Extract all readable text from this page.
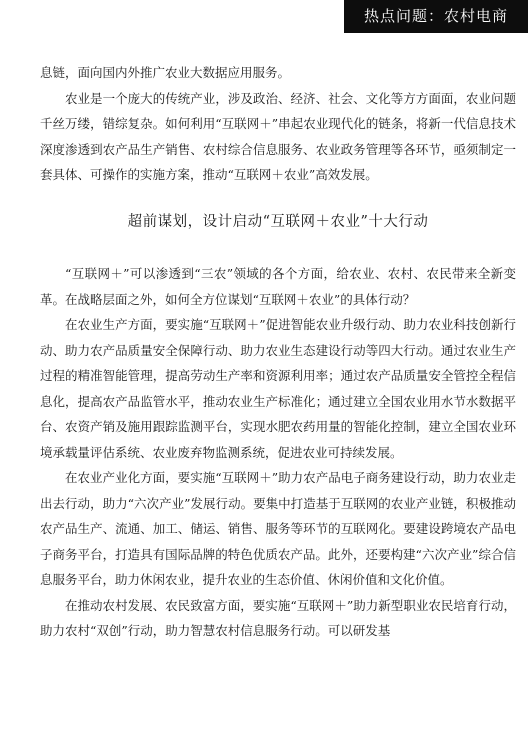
热点问题：农村电商

息链，面向国内外推广农业大数据应用服务。

农业是一个庞大的传统产业，涉及政治、经济、社会、文化等方方面面，农业问题千丝万缕，错综复杂。如何利用“互联网＋”串起农业现代化的链条，将新一代信息技术深度渗透到农产品生产销售、农村综合信息服务、农业政务管理等各环节，亟须制定一套具体、可操作的实施方案，推动“互联网＋农业”高效发展。

超前谋划，设计启动“互联网＋农业”十大行动

“互联网＋”可以渗透到“三农”领域的各个方面，给农业、农村、农民带来全新变革。在战略层面之外，如何全方位谋划“互联网＋农业”的具体行动？

在农业生产方面，要实施“互联网＋”促进智能农业升级行动、助力农业科技创新行动、助力农产品质量安全保障行动、助力农业生态建设行动等四大行动。通过农业生产过程的精准智能管理，提高劳动生产率和资源利用率；通过农产品质量安全管控全程信息化，提高农产品监管水平，推动农业生产标准化；通过建立全国农业用水节水数据平台、农资产销及施用跟踪监测平台，实现水肥农药用量的智能化控制，建立全国农业环境承载量评估系统、农业废弃物监测系统，促进农业可持续发展。

在农业产业化方面，要实施“互联网＋”助力农产品电子商务建设行动，助力农业走出去行动，助力“六次产业”发展行动。要集中打造基于互联网的农业产业链，积极推动农产品生产、流通、加工、储运、销售、服务等环节的互联网化。要建设跨境农产品电子商务平台，打造具有国际品牌的特色优质农产品。此外，还要构建“六次产业”综合信息服务平台，助力休闲农业，提升农业的生态价值、休闲价值和文化价值。

在推动农村发展、农民致富方面，要实施“互联网＋”助力新型职业农民培育行动，助力农村“双创”行动，助力智慧农村信息服务行动。可以研发基
